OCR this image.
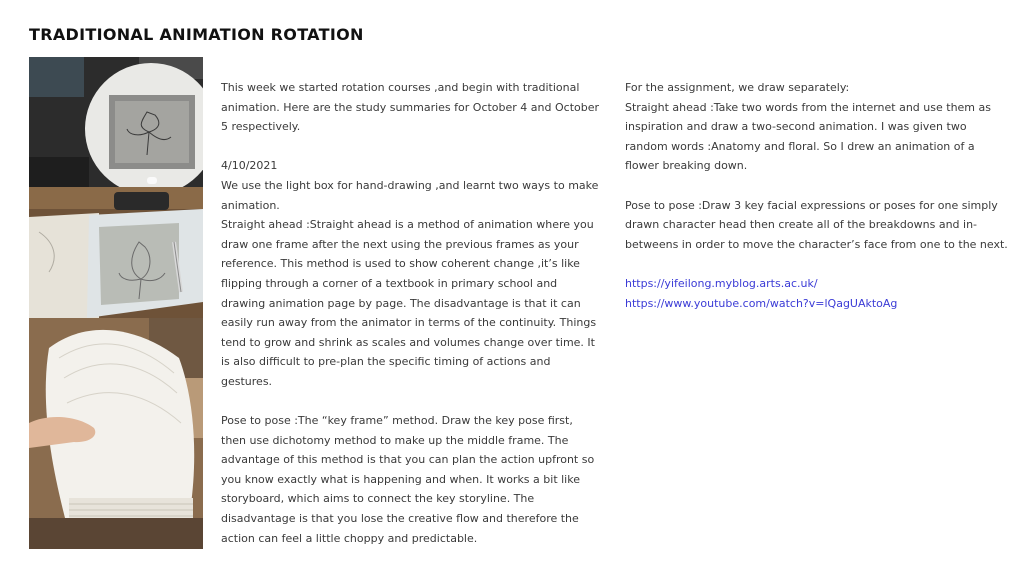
TRADITIONAL ANIMATION ROTATION

This week we started rotation courses ,and begin with traditional animation. Here are the study summaries for October 4 and October 5 respectively.

4/10/2021

We use the light box for hand-drawing ,and learnt two ways to make animation.

Straight ahead :Straight ahead is a method of animation where you draw one frame after the next using the previous frames as your reference. This method is used to show coherent change ,it’s like flipping through a corner of a textbook in primary school and drawing animation page by page. The disadvantage is that it can easily run away from the animator in terms of the continuity. Things tend to grow and shrink as scales and volumes change over time. It is also difficult to pre-plan the specific timing of actions and gestures.

Pose to pose :The “key frame” method. Draw the key pose first, then use dichotomy method to make up the middle frame. The advantage of this method is that you can plan the action upfront so you know exactly what is happening and when. It works a bit like storyboard, which aims to connect the key storyline. The disadvantage is that you lose the creative flow and therefore the action can feel a little choppy and predictable.

For the assignment, we draw separately:

Straight ahead :Take two words from the internet and use them as inspiration and draw a two-second animation. I was given two random words :Anatomy and floral. So I drew an animation of a flower breaking down.

Pose to pose :Draw 3 key facial expressions or poses for one simply drawn character head then create all of the breakdowns and in-betweens in order to move the character’s face from one to the next.

https://yifeilong.myblog.arts.ac.uk/
https://www.youtube.com/watch?v=lQagUAktoAg
